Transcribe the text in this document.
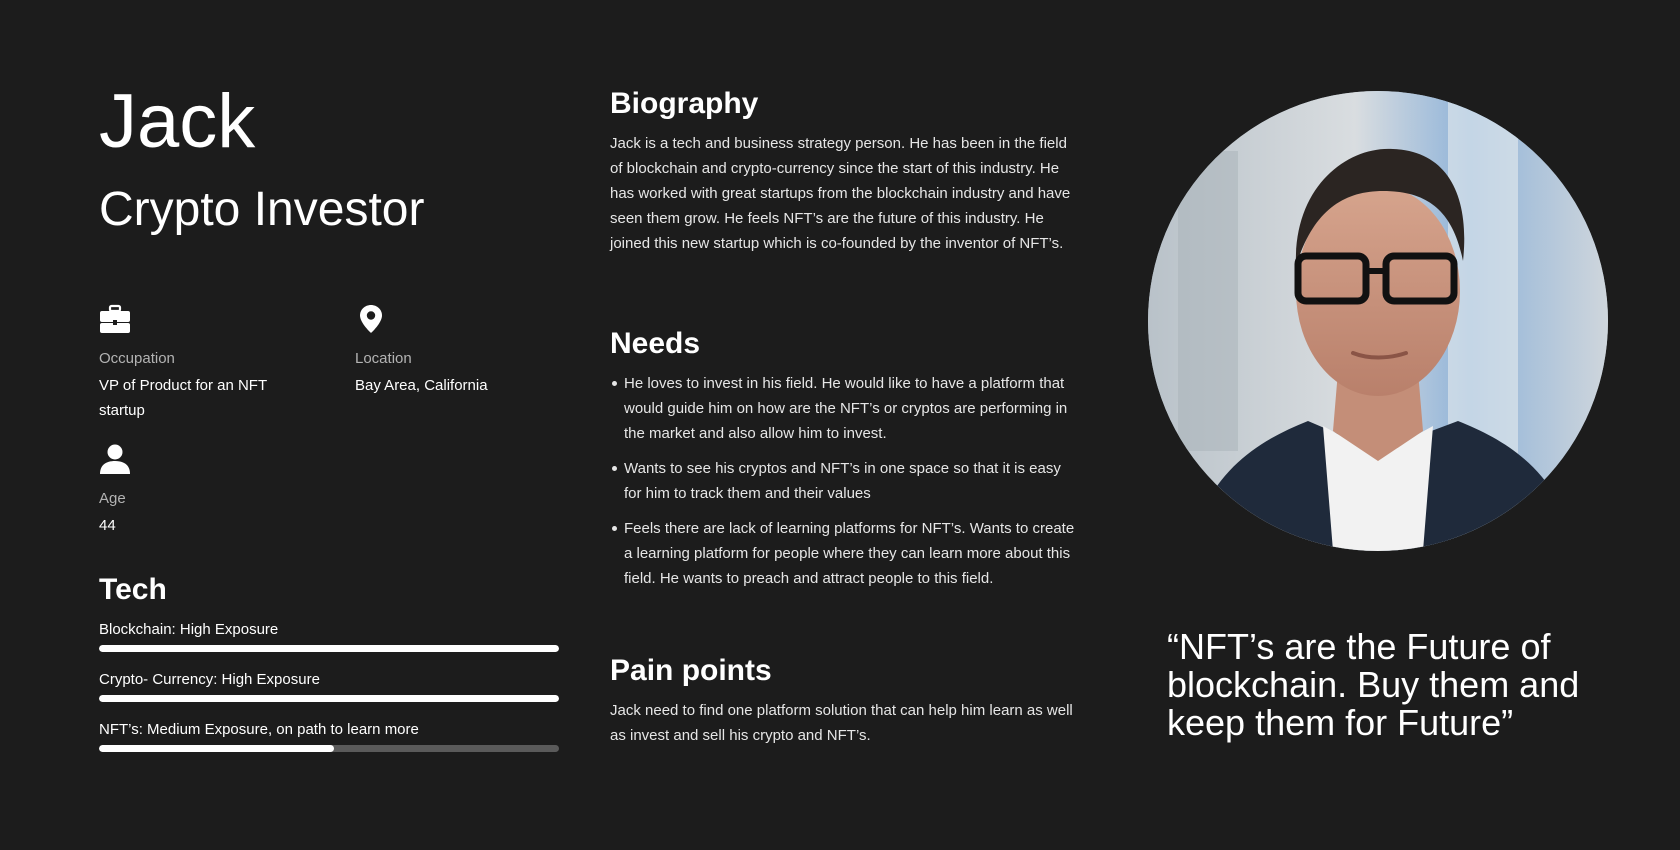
Jack
Crypto Investor
Occupation
VP of Product for an NFT startup
Location
Bay Area, California
Age
44
Tech
Blockchain: High Exposure
Crypto- Currency: High Exposure
NFT’s: Medium Exposure, on path to learn more
Biography
Jack is a tech and business strategy person. He has been in the field of blockchain and crypto-currency since the start of this industry. He has worked with great startups from the blockchain industry and have seen them grow. He feels NFT’s are the future of this industry. He joined this new startup which is co-founded by the inventor of NFT’s.
Needs
He loves to invest in his field. He would like to have a platform that would guide him on how are the NFT’s or cryptos are performing in the market and also allow him to invest.
Wants to see his cryptos and NFT’s in one space so that it is easy for him to track them and their values
Feels there are lack of learning platforms for NFT’s. Wants to create a learning platform for people where they can learn more about this field. He wants to preach and attract people to this field.
Pain points
Jack need to find one platform solution that can help him learn as well as invest and sell his crypto and NFT’s.
“NFT’s are the Future of blockchain. Buy them and keep them for Future”
